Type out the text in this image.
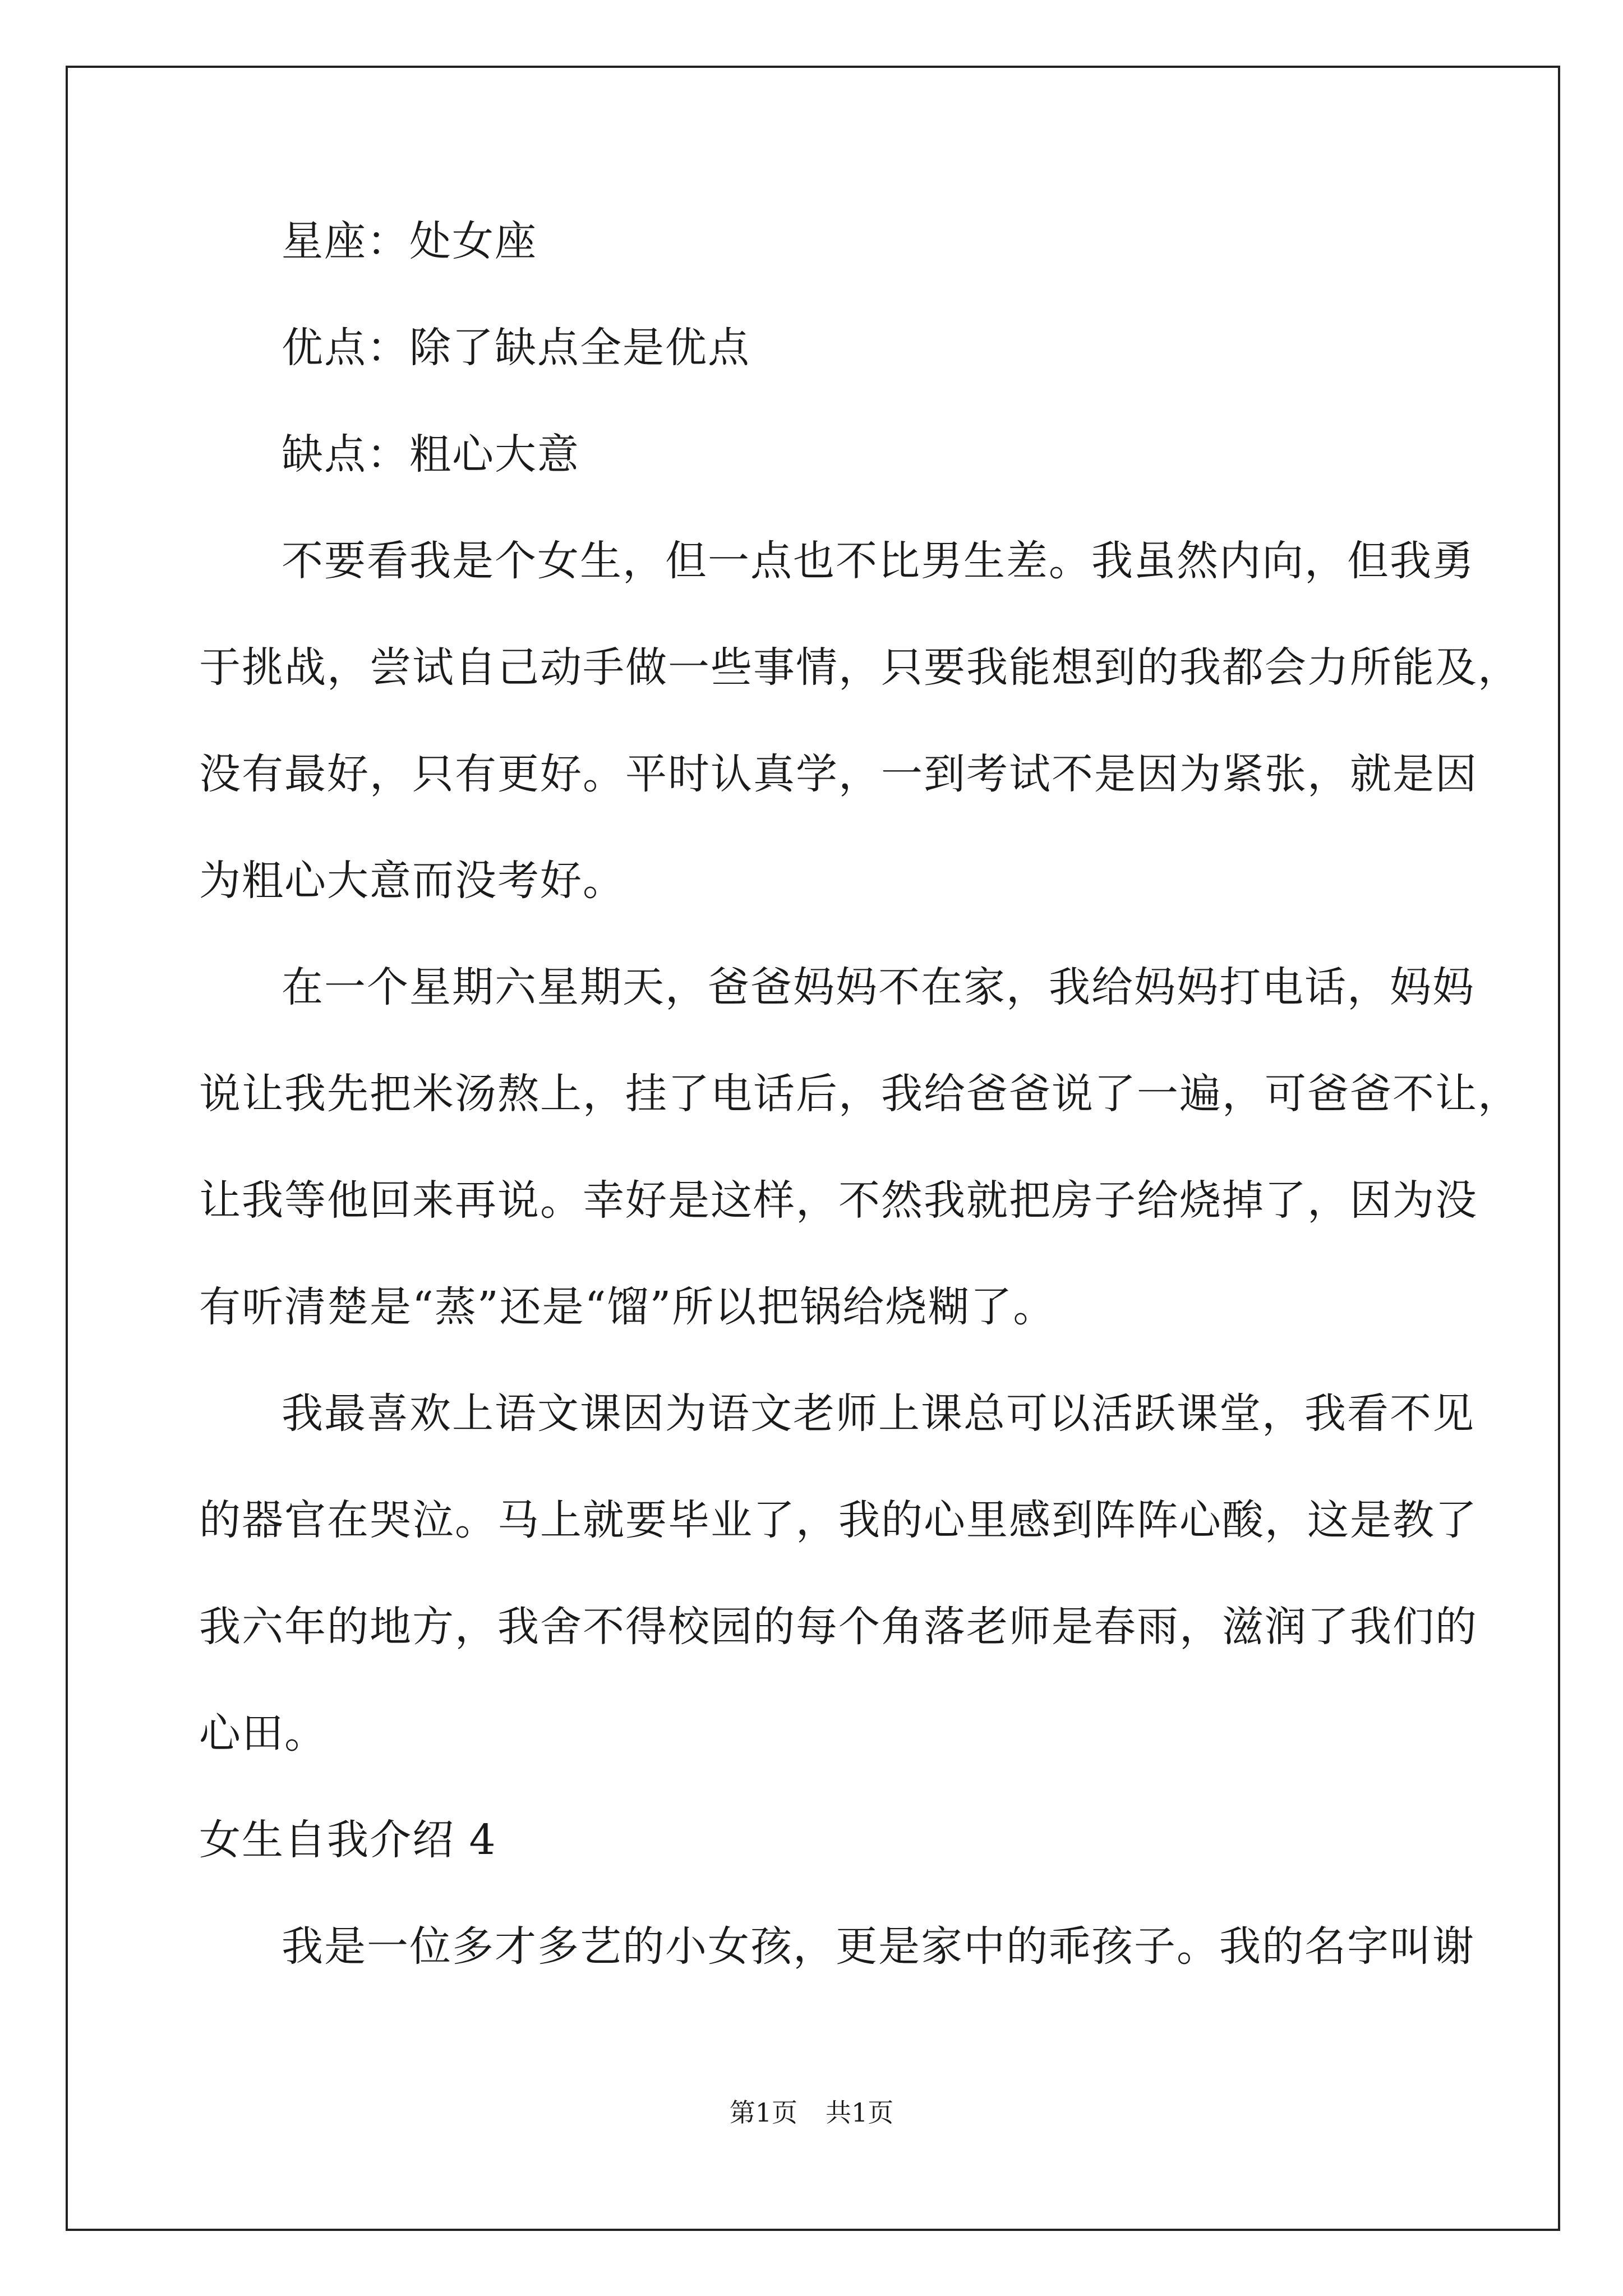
星座：处女座
优点：除了缺点全是优点
缺点：粗心大意
不要看我是个女生，但一点也不比男生差。我虽然内向，但我勇
于挑战，尝试自己动手做一些事情，只要我能想到的我都会力所能及，
没有最好，只有更好。平时认真学，一到考试不是因为紧张，就是因
为粗心大意而没考好。
在一个星期六星期天，爸爸妈妈不在家，我给妈妈打电话，妈妈
说让我先把米汤熬上，挂了电话后，我给爸爸说了一遍，可爸爸不让，
让我等他回来再说。幸好是这样，不然我就把房子给烧掉了，因为没
有听清楚是“蒸”还是“馏”所以把锅给烧糊了。
我最喜欢上语文课因为语文老师上课总可以活跃课堂，我看不见
的器官在哭泣。马上就要毕业了，我的心里感到阵阵心酸，这是教了
我六年的地方，我舍不得校园的每个角落老师是春雨，滋润了我们的
心田。
女生自我介绍 4
我是一位多才多艺的小女孩，更是家中的乖孩子。我的名字叫谢
第1页 共1页
